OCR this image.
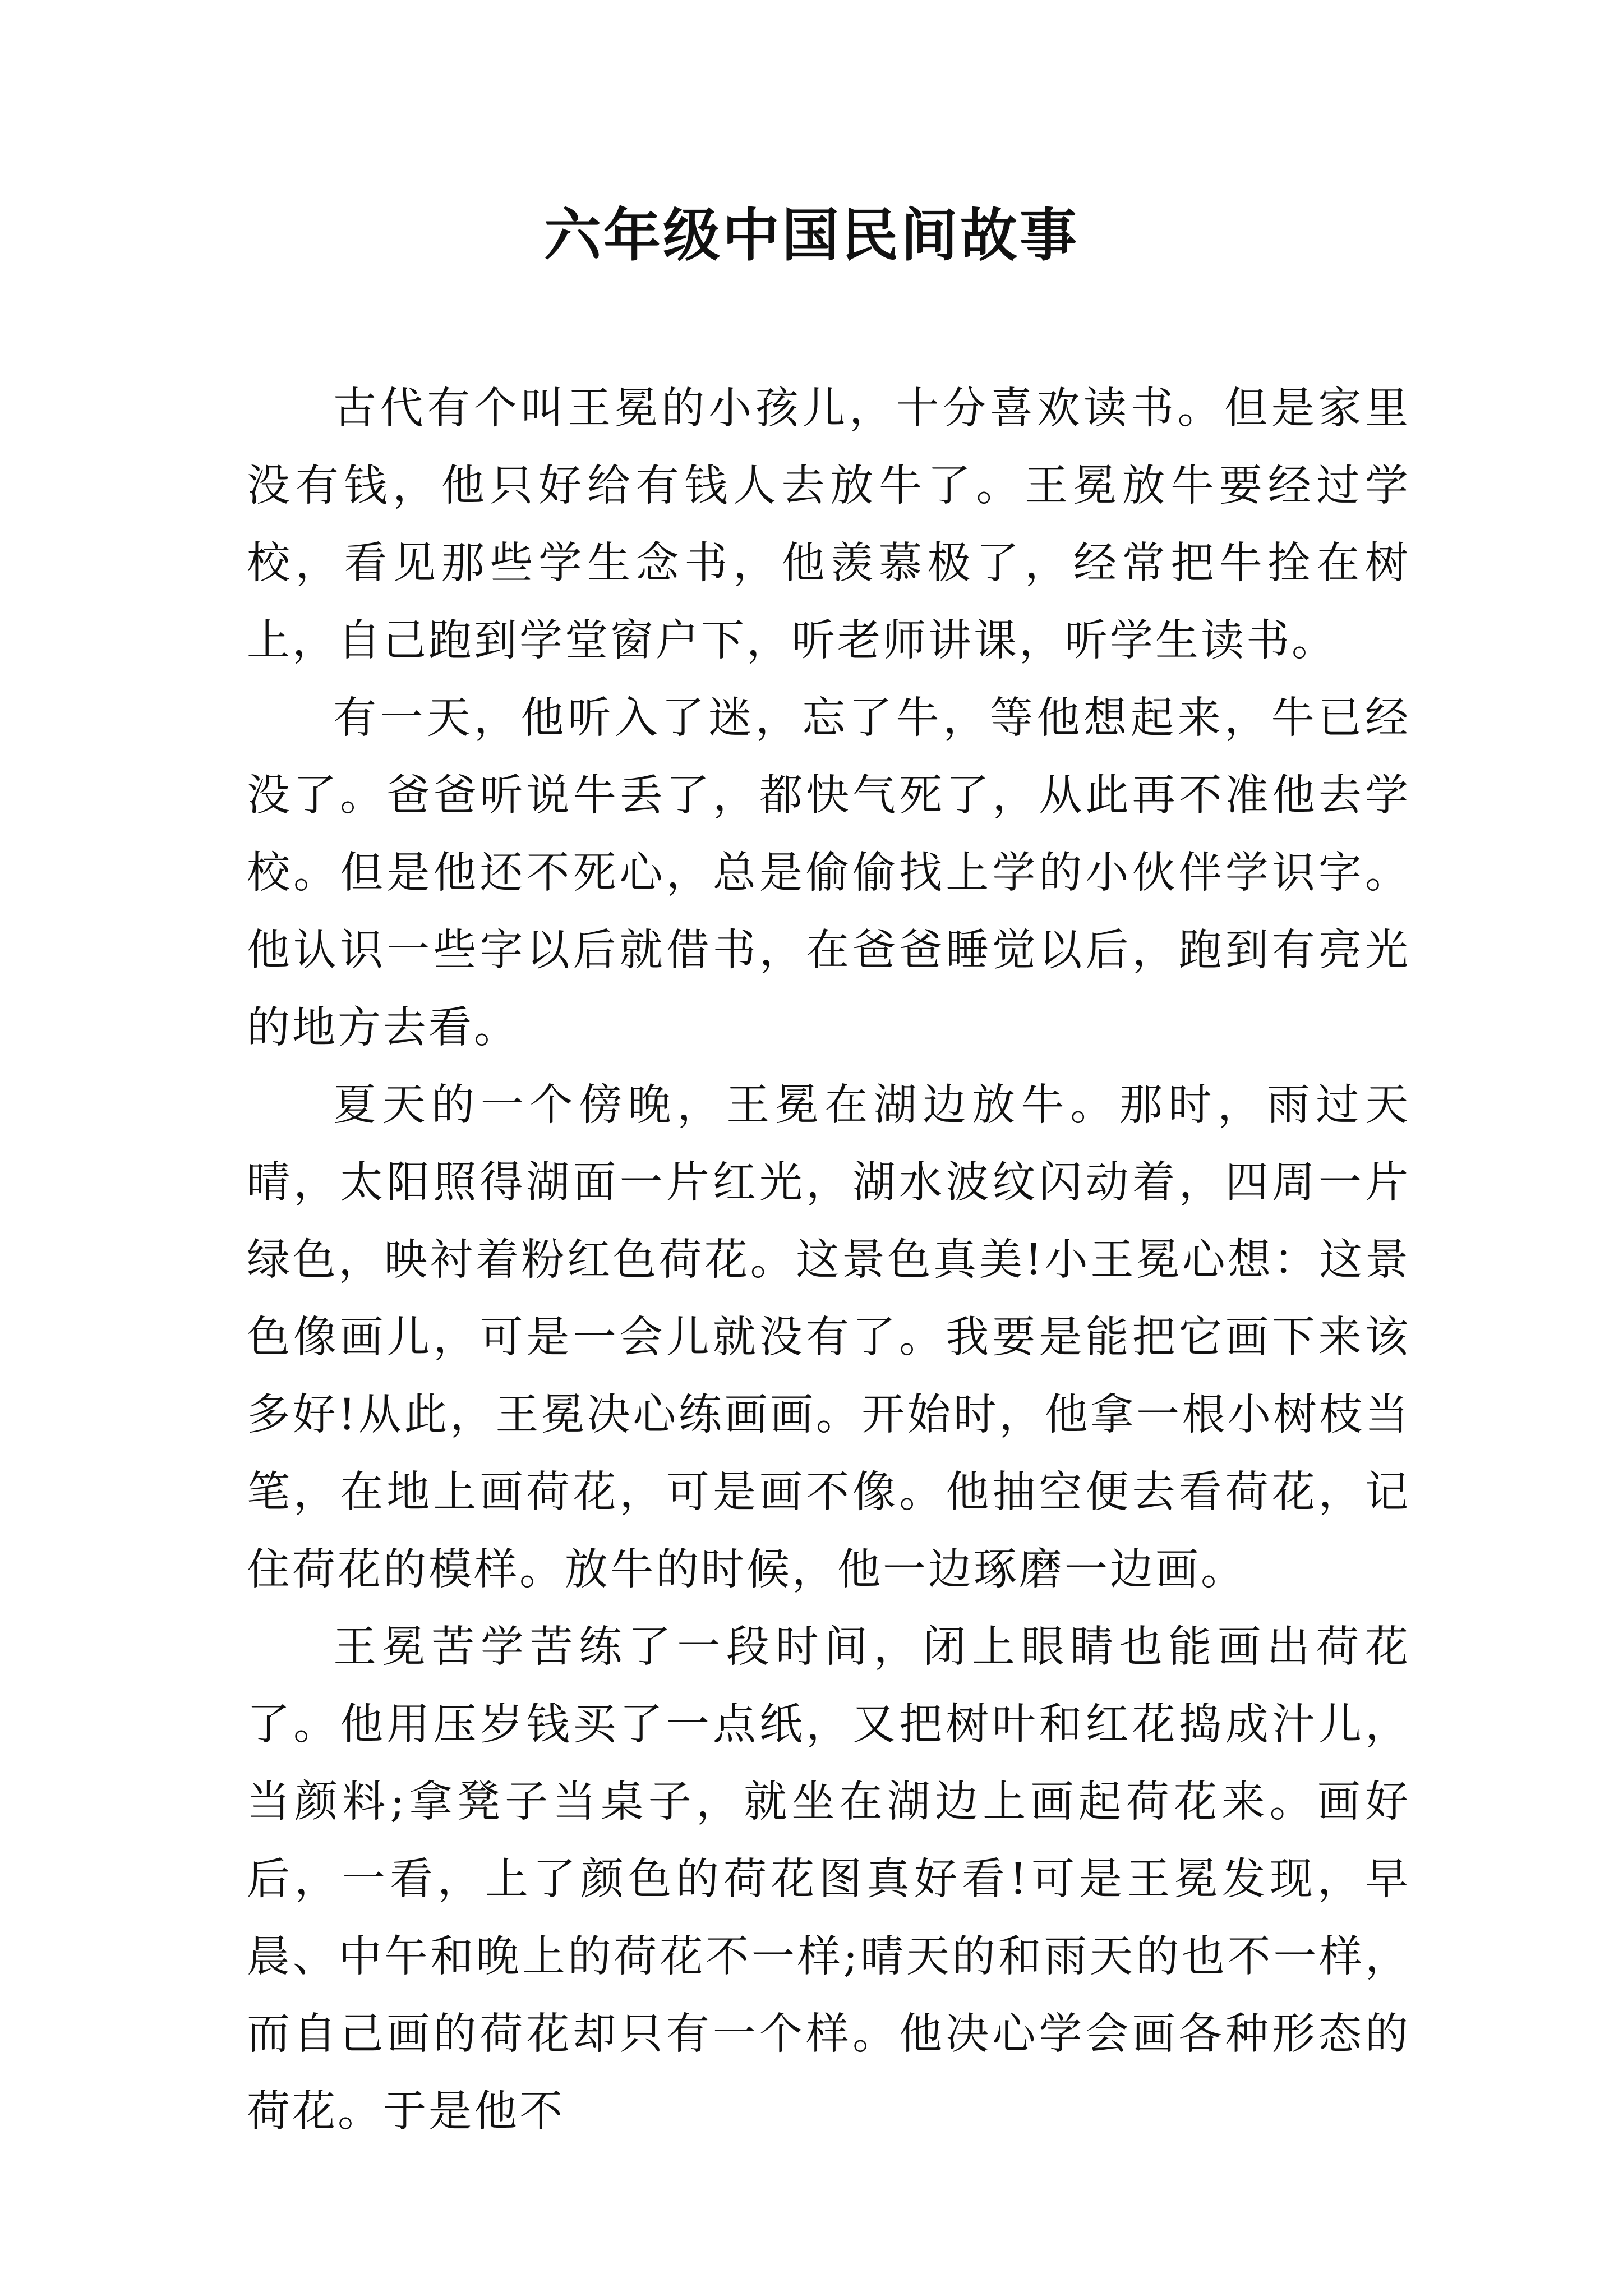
六年级中国民间故事

古代有个叫王冕的小孩儿，十分喜欢读书。但是家里没有钱，他只好给有钱人去放牛了。王冕放牛要经过学校，看见那些学生念书，他羡慕极了，经常把牛拴在树上，自己跑到学堂窗户下，听老师讲课，听学生读书。

有一天，他听入了迷，忘了牛，等他想起来，牛已经没了。爸爸听说牛丢了，都快气死了，从此再不准他去学校。但是他还不死心，总是偷偷找上学的小伙伴学识字。他认识一些字以后就借书，在爸爸睡觉以后，跑到有亮光的地方去看。

夏天的一个傍晚，王冕在湖边放牛。那时，雨过天晴，太阳照得湖面一片红光，湖水波纹闪动着，四周一片绿色，映衬着粉红色荷花。这景色真美!小王冕心想：这景色像画儿，可是一会儿就没有了。我要是能把它画下来该多好!从此，王冕决心练画画。开始时，他拿一根小树枝当笔，在地上画荷花，可是画不像。他抽空便去看荷花，记住荷花的模样。放牛的时候，他一边琢磨一边画。

王冕苦学苦练了一段时间，闭上眼睛也能画出荷花了。他用压岁钱买了一点纸，又把树叶和红花捣成汁儿，当颜料;拿凳子当桌子，就坐在湖边上画起荷花来。画好后，一看，上了颜色的荷花图真好看!可是王冕发现，早晨、中午和晚上的荷花不一样;晴天的和雨天的也不一样，而自己画的荷花却只有一个样。他决心学会画各种形态的荷花。于是他不
